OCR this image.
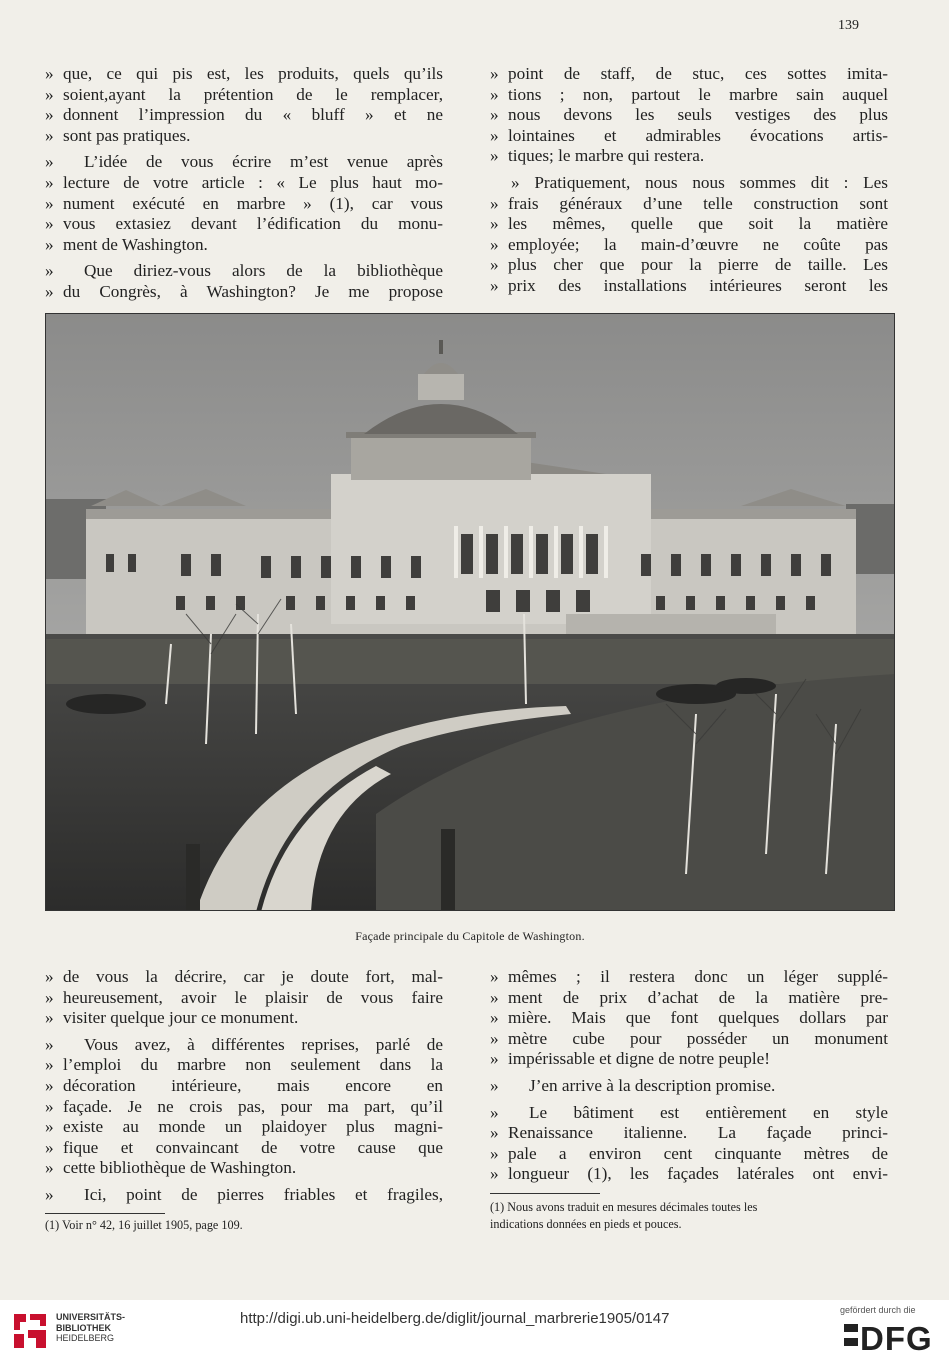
139
» que, ce qui pis est, les produits, quels qu’ils
» soient,ayant la prétention de le remplacer,
» donnent l’impression du « bluff » et ne
» sont pas pratiques.
»	L’idée de vous écrire m’est venue après
» lecture de votre article : « Le plus haut mo-
» nument exécuté en marbre » (1), car vous
» vous extasiez devant l’édification du monu-
» ment de Washington.
»	Que diriez-vous alors de la bibliothèque
» du Congrès, à Washington? Je me propose
» point de staff, de stuc, ces sottes imita-
» tions ; non, partout le marbre sain auquel
» nous devons les seuls vestiges des plus
» lointaines et admirables évocations artis-
» tiques; le marbre qui restera.
» Pratiquement, nous nous sommes dit : Les
» frais généraux d’une telle construction sont
» les mêmes, quelle que soit la matière
» employée; la main-d’œuvre ne coûte pas
» plus cher que pour la pierre de taille. Les
» prix des installations intérieures seront les
Façade principale du Capitole de Washington.
» de vous la décrire, car je doute fort, mal-
» heureusement, avoir le plaisir de vous faire
» visiter quelque jour ce monument.
»	Vous avez, à différentes reprises, parlé de
» l’emploi du marbre non seulement dans la
» décoration intérieure, mais encore en
» façade. Je ne crois pas, pour ma part, qu’il
» existe au monde un plaidoyer plus magni-
» fique et convaincant de votre cause que
» cette bibliothèque de Washington.
»	Ici, point de pierres friables et fragiles,
» mêmes ; il restera donc un léger supplé-
» ment de prix d’achat de la matière pre-
» mière. Mais que font quelques dollars par
» mètre cube pour posséder un monument
» impérissable et digne de notre peuple!
»	J’en arrive à la description promise.
»	Le bâtiment est entièrement en style
» Renaissance italienne. La façade princi-
» pale a environ cent cinquante mètres de
» longueur (1), les façades latérales ont envi-
(1) Voir n° 42, 16 juillet 1905, page 109.
(1) Nous avons traduit en mesures décimales toutes les
indications données en pieds et pouces.
UNIVERSITÄTS-
BIBLIOTHEK
HEIDELBERG
http://digi.ub.uni-heidelberg.de/diglit/journal_marbrerie1905/0147	gefördert durch die
DFG
